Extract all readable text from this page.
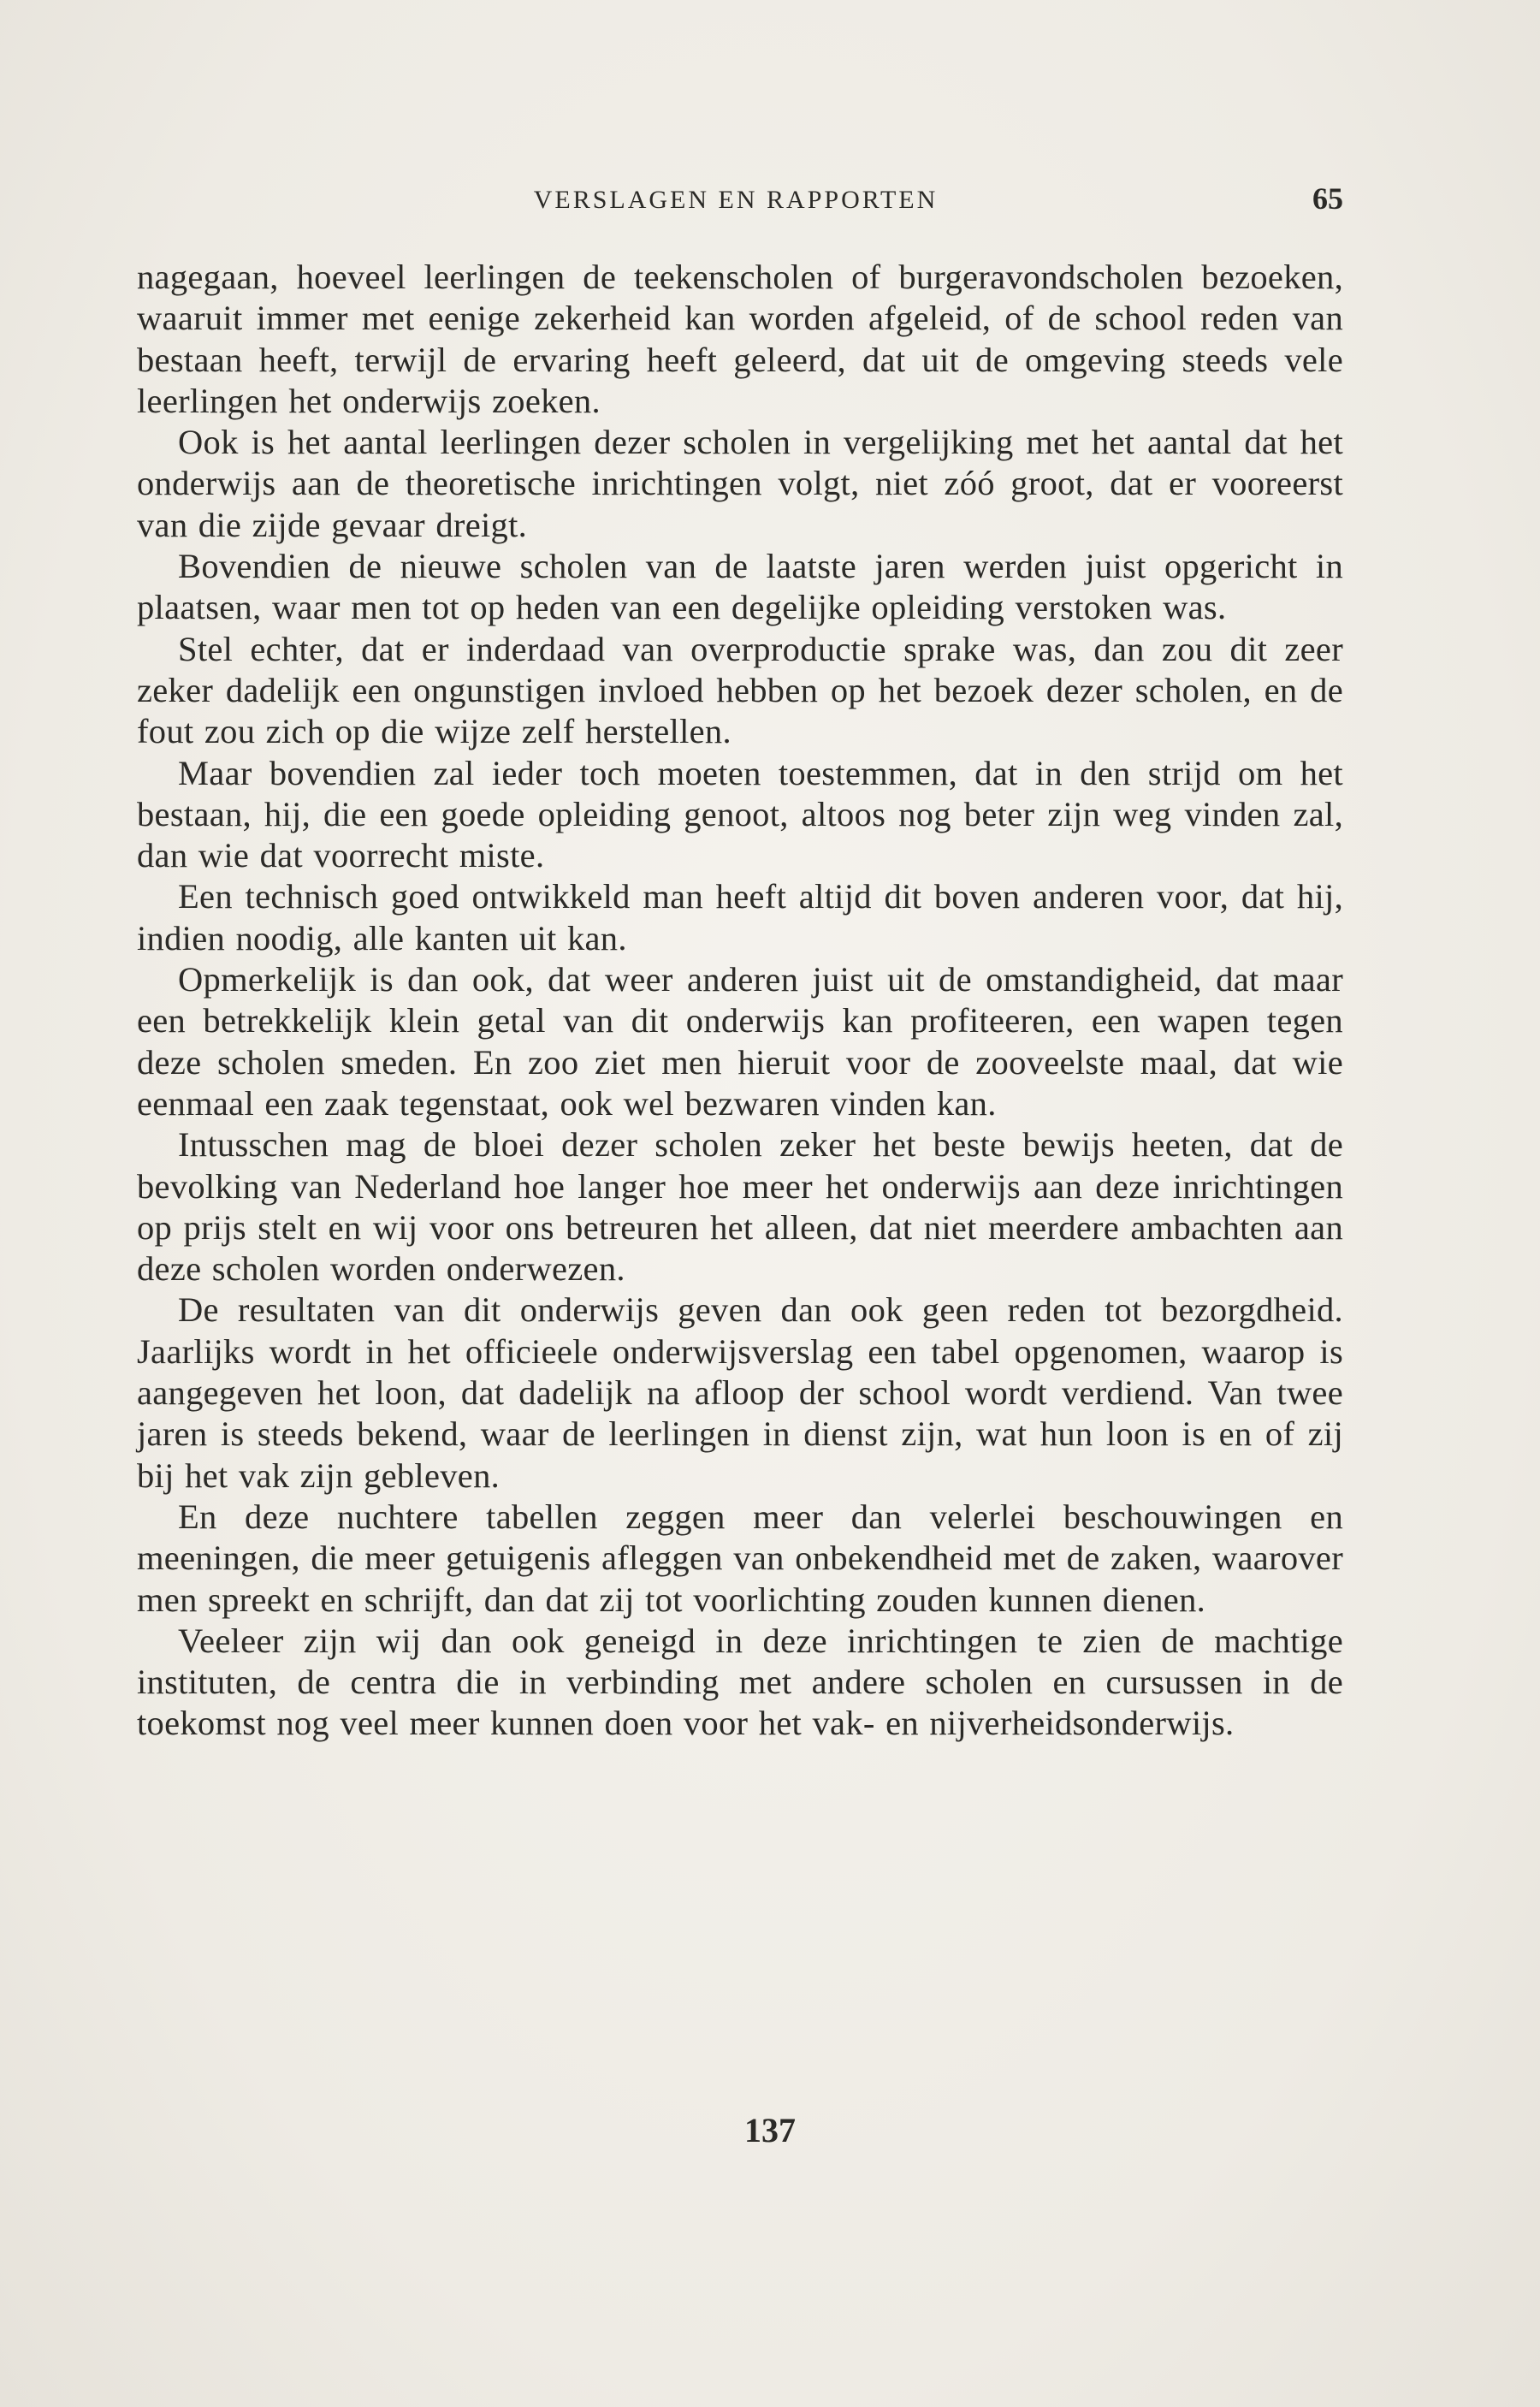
VERSLAGEN EN RAPPORTEN	65

nagegaan, hoeveel leerlingen de teekenscholen of burgeravondscholen bezoeken, waaruit immer met eenige zekerheid kan worden afgeleid, of de school reden van bestaan heeft, terwijl de ervaring heeft geleerd, dat uit de omgeving steeds vele leerlingen het onderwijs zoeken.

Ook is het aantal leerlingen dezer scholen in vergelijking met het aantal dat het onderwijs aan de theoretische inrichtingen volgt, niet zóó groot, dat er vooreerst van die zijde gevaar dreigt.

Bovendien de nieuwe scholen van de laatste jaren werden juist opgericht in plaatsen, waar men tot op heden van een degelijke opleiding verstoken was.

Stel echter, dat er inderdaad van overproductie sprake was, dan zou dit zeer zeker dadelijk een ongunstigen invloed hebben op het bezoek dezer scholen, en de fout zou zich op die wijze zelf herstellen.

Maar bovendien zal ieder toch moeten toestemmen, dat in den strijd om het bestaan, hij, die een goede opleiding genoot, altoos nog beter zijn weg vinden zal, dan wie dat voorrecht miste.

Een technisch goed ontwikkeld man heeft altijd dit boven anderen voor, dat hij, indien noodig, alle kanten uit kan.

Opmerkelijk is dan ook, dat weer anderen juist uit de omstandigheid, dat maar een betrekkelijk klein getal van dit onderwijs kan profiteeren, een wapen tegen deze scholen smeden. En zoo ziet men hieruit voor de zooveelste maal, dat wie eenmaal een zaak tegenstaat, ook wel bezwaren vinden kan.

Intusschen mag de bloei dezer scholen zeker het beste bewijs heeten, dat de bevolking van Nederland hoe langer hoe meer het onderwijs aan deze inrichtingen op prijs stelt en wij voor ons betreuren het alleen, dat niet meerdere ambachten aan deze scholen worden onderwezen.

De resultaten van dit onderwijs geven dan ook geen reden tot bezorgdheid. Jaarlijks wordt in het officieele onderwijsverslag een tabel opgenomen, waarop is aangegeven het loon, dat dadelijk na afloop der school wordt verdiend. Van twee jaren is steeds bekend, waar de leerlingen in dienst zijn, wat hun loon is en of zij bij het vak zijn gebleven.

En deze nuchtere tabellen zeggen meer dan velerlei beschouwingen en meeningen, die meer getuigenis afleggen van onbekendheid met de zaken, waarover men spreekt en schrijft, dan dat zij tot voorlichting zouden kunnen dienen.

Veeleer zijn wij dan ook geneigd in deze inrichtingen te zien de machtige instituten, de centra die in verbinding met andere scholen en cursussen in de toekomst nog veel meer kunnen doen voor het vak- en nijverheidsonderwijs.

137
